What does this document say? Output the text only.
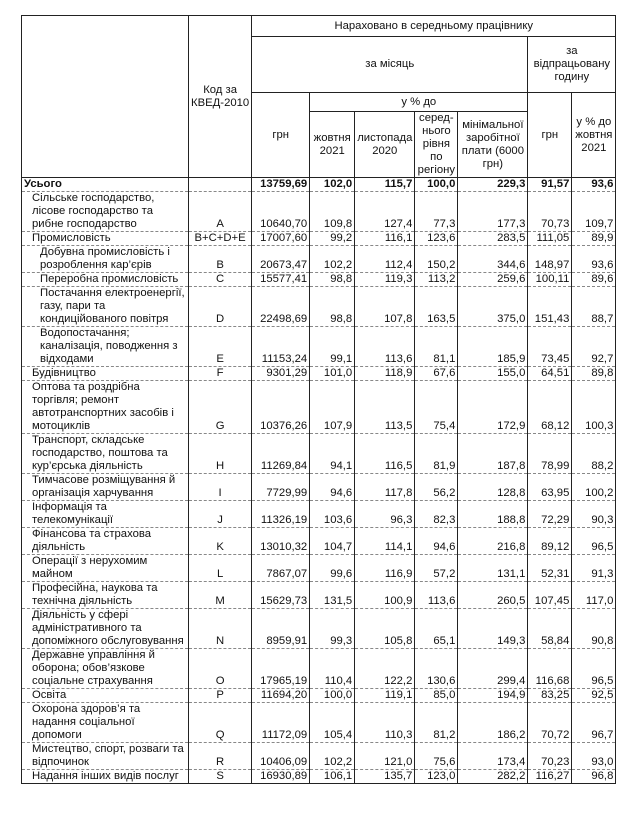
	Код за КВЕД-2010	Нараховано в середньому працівнику						
		за місяць					за відпрацьовану годину	
		грн	у % до				грн	у % до жовтня 2021
			жовтня 2021	листопада 2020	серед-нього рівня по регіону	мінімальної заробітної плати (6000 грн)		
Усього		13759,69	102,0	115,7	100,0	229,3	91,57	93,6
Сільське господарство, лісове господарство та рибне господарство	A	10640,70	109,8	127,4	77,3	177,3	70,73	109,7
Промисловість	B+C+D+E	17007,60	99,2	116,1	123,6	283,5	111,05	89,9
Добувна промисловість і розроблення кар’єрів	B	20673,47	102,2	112,4	150,2	344,6	148,97	93,6
Переробна промисловість	C	15577,41	98,8	119,3	113,2	259,6	100,11	89,6
Постачання електроенергії, газу, пари та кондиційованого повітря	D	22498,69	98,8	107,8	163,5	375,0	151,43	88,7
Водопостачання; каналізація, поводження з відходами	E	11153,24	99,1	113,6	81,1	185,9	73,45	92,7
Будівництво	F	9301,29	101,0	118,9	67,6	155,0	64,51	89,8
Оптова та роздрібна торгівля; ремонт автотранспортних засобів і мотоциклів	G	10376,26	107,9	113,5	75,4	172,9	68,12	100,3
Транспорт, складське господарство, поштова та кур’єрська діяльність	H	11269,84	94,1	116,5	81,9	187,8	78,99	88,2
Тимчасове розміщування й організація харчування	I	7729,99	94,6	117,8	56,2	128,8	63,95	100,2
Інформація та телекомунікації	J	11326,19	103,6	96,3	82,3	188,8	72,29	90,3
Фінансова та страхова діяльність	K	13010,32	104,7	114,1	94,6	216,8	89,12	96,5
Операції з нерухомим майном	L	7867,07	99,6	116,9	57,2	131,1	52,31	91,3
Професійна, наукова та технічна діяльність	M	15629,73	131,5	100,9	113,6	260,5	107,45	117,0
Діяльність у сфері адміністративного та допоміжного обслуговування	N	8959,91	99,3	105,8	65,1	149,3	58,84	90,8
Державне управління й оборона; обов’язкове соціальне страхування	O	17965,19	110,4	122,2	130,6	299,4	116,68	96,5
Освіта	P	11694,20	100,0	119,1	85,0	194,9	83,25	92,5
Охорона здоров’я та надання соціальної допомоги	Q	11172,09	105,4	110,3	81,2	186,2	70,72	96,7
Мистецтво, спорт, розваги та відпочинок	R	10406,09	102,2	121,0	75,6	173,4	70,23	93,0
Надання інших видів послуг	S	16930,89	106,1	135,7	123,0	282,2	116,27	96,8
